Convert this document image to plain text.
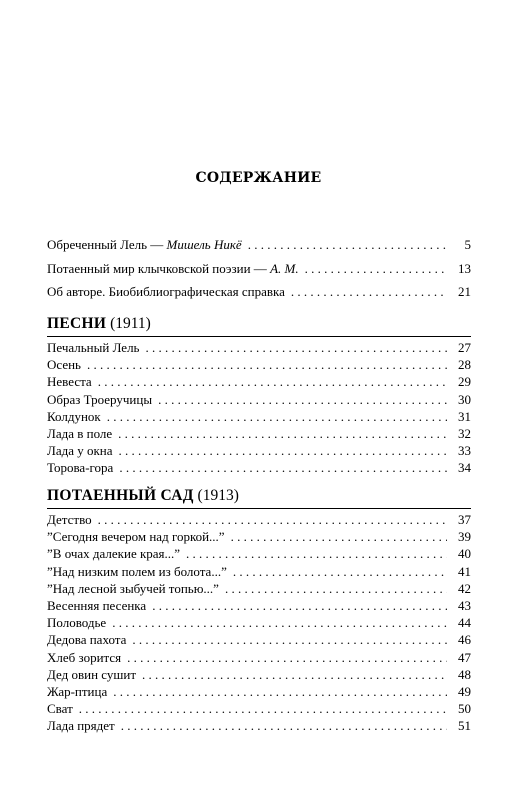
СОДЕРЖАНИЕ
Обреченный Лель — Мишель Никё . . .	5
Потаенный мир клычковской поэзии — А. М. . . .	13
Об авторе. Биобиблиографическая справка . . .	21
ПЕСНИ (1911)
Печальный Лель . . .	27
Осень . . .	28
Невеста . . .	29
Образ Троеручицы . . .	30
Колдунок . . .	31
Лада в поле . . .	32
Лада у окна . . .	33
Торова-гора . . .	34
ПОТАЕННЫЙ САД (1913)
Детство . . .	37
”Сегодня вечером над горкой...” . . .	39
”В очах далекие края...” . . .	40
”Над низким полем из болота...” . . .	41
”Над лесной зыбучей топью...” . . .	42
Весенняя песенка . . .	43
Половодье . . .	44
Дедова пахота . . .	46
Хлеб зорится . . .	47
Дед овин сушит . . .	48
Жар-птица . . .	49
Сват . . .	50
Лада прядет . . .	51
